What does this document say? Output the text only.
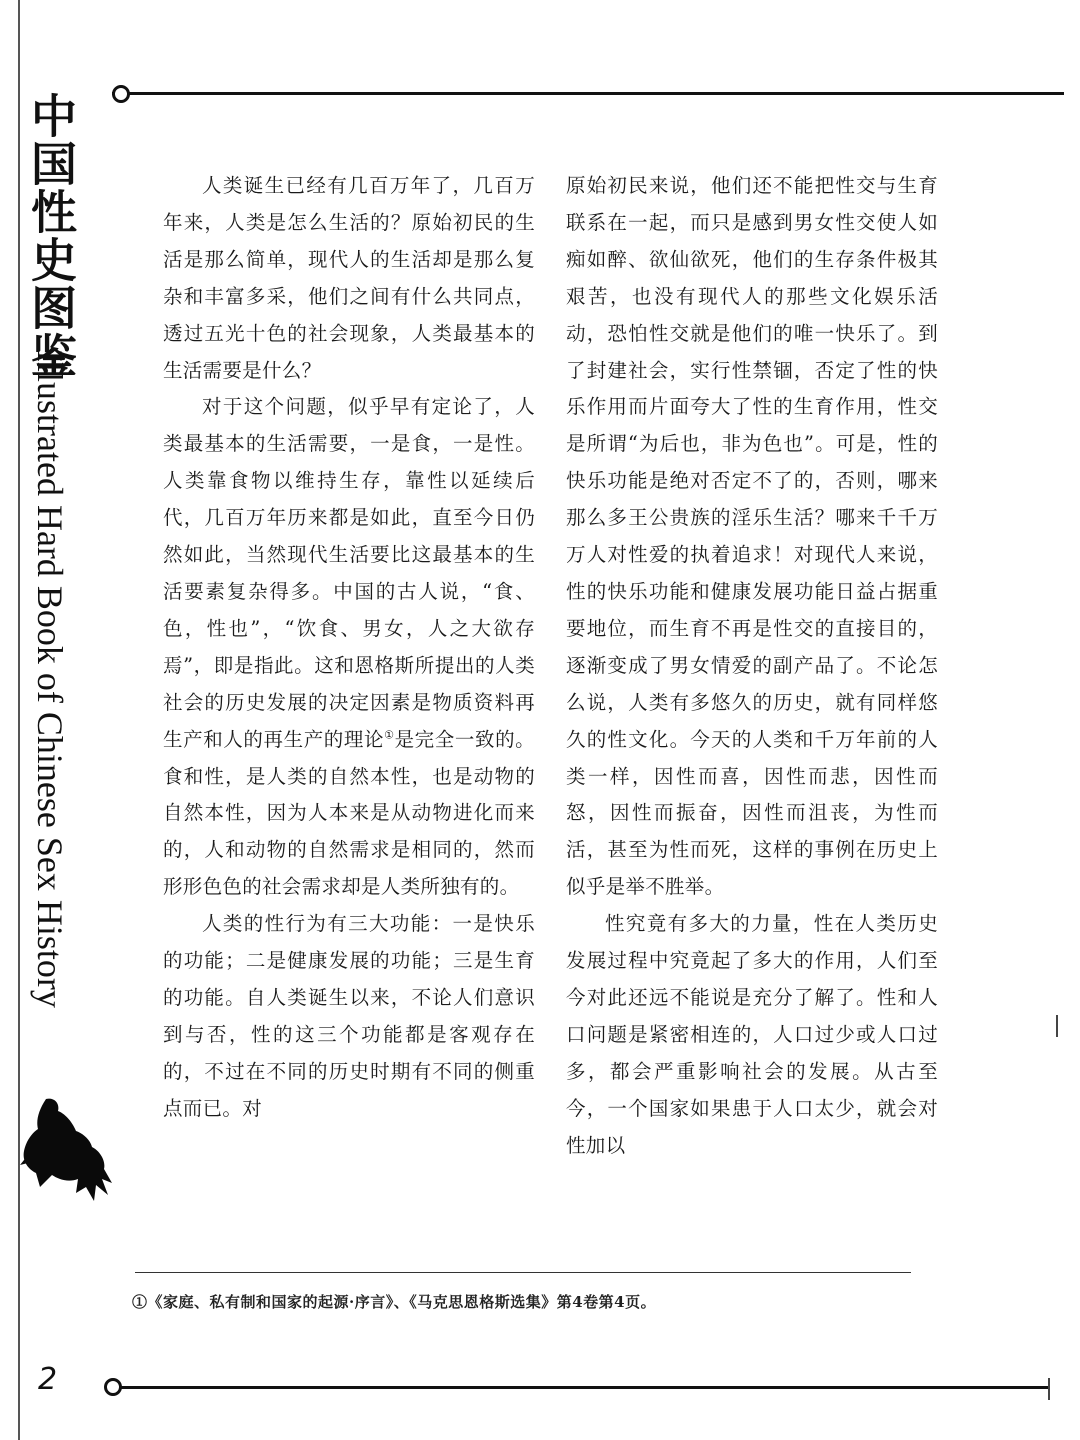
中国性史图鉴
Illustrated Hard Book of Chinese Sex History

人类诞生已经有几百万年了，几百万年来，人类是怎么生活的？原始初民的生活是那么简单，现代人的生活却是那么复杂和丰富多采，他们之间有什么共同点，透过五光十色的社会现象，人类最基本的生活需要是什么？

对于这个问题，似乎早有定论了，人类最基本的生活需要，一是食，一是性。人类靠食物以维持生存，靠性以延续后代，几百万年历来都是如此，直至今日仍然如此，当然现代生活要比这最基本的生活要素复杂得多。中国的古人说，“食、色，性也”，“饮食、男女，人之大欲存焉”，即是指此。这和恩格斯所提出的人类社会的历史发展的决定因素是物质资料再生产和人的再生产的理论①是完全一致的。食和性，是人类的自然本性，也是动物的自然本性，因为人本来是从动物进化而来的，人和动物的自然需求是相同的，然而形形色色的社会需求却是人类所独有的。

人类的性行为有三大功能：一是快乐的功能；二是健康发展的功能；三是生育的功能。自人类诞生以来，不论人们意识到与否，性的这三个功能都是客观存在的，不过在不同的历史时期有不同的侧重点而已。对

原始初民来说，他们还不能把性交与生育联系在一起，而只是感到男女性交使人如痴如醉、欲仙欲死，他们的生存条件极其艰苦，也没有现代人的那些文化娱乐活动，恐怕性交就是他们的唯一快乐了。到了封建社会，实行性禁锢，否定了性的快乐作用而片面夸大了性的生育作用，性交是所谓“为后也，非为色也”。可是，性的快乐功能是绝对否定不了的，否则，哪来那么多王公贵族的淫乐生活？哪来千千万万人对性爱的执着追求！对现代人来说，性的快乐功能和健康发展功能日益占据重要地位，而生育不再是性交的直接目的，逐渐变成了男女情爱的副产品了。不论怎么说，人类有多悠久的历史，就有同样悠久的性文化。今天的人类和千万年前的人类一样，因性而喜，因性而悲，因性而怒，因性而振奋，因性而沮丧，为性而活，甚至为性而死，这样的事例在历史上似乎是举不胜举。

性究竟有多大的力量，性在人类历史发展过程中究竟起了多大的作用，人们至今对此还远不能说是充分了解了。性和人口问题是紧密相连的，人口过少或人口过多，都会严重影响社会的发展。从古至今，一个国家如果患于人口太少，就会对性加以

①《家庭、私有制和国家的起源·序言》、《马克思恩格斯选集》第4卷第4页。
2
